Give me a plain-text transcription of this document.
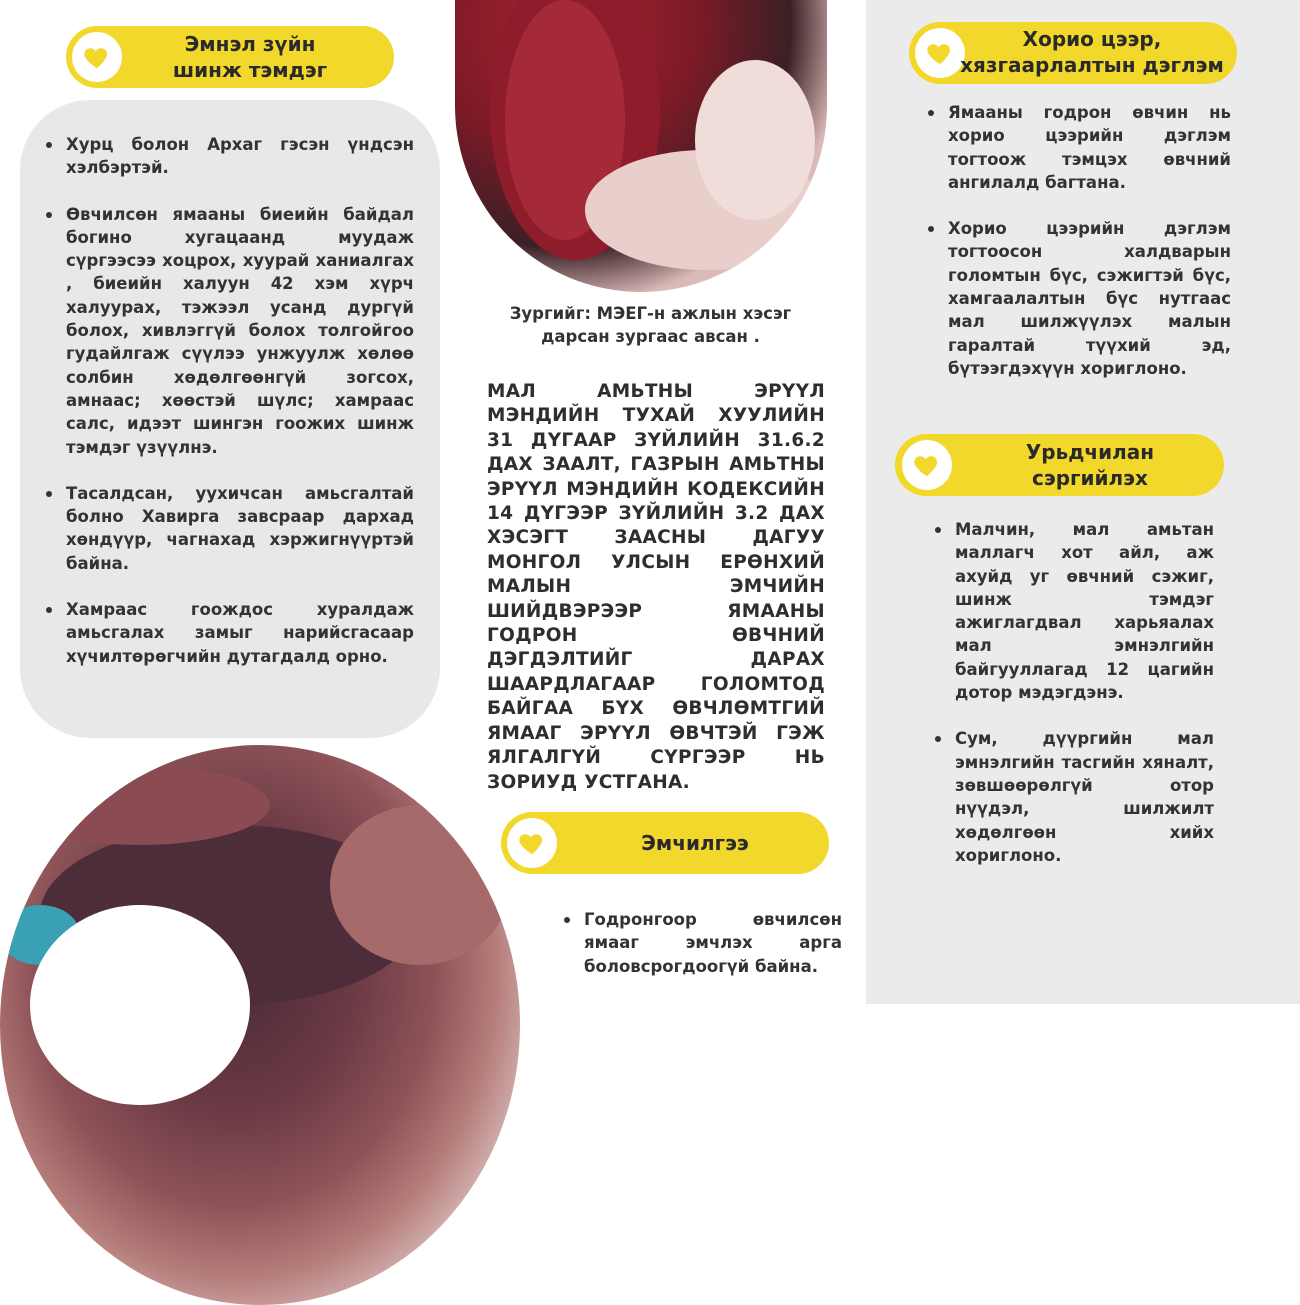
Эмнэл зүйн
шинж тэмдэг
Хурц болон Архаг гэсэн үндсэн хэлбэртэй.
Өвчилсөн ямааны биеийн байдал богино хугацаанд муудаж сүргээсээ хоцрох, хуурай ханиалгах , биеийн халуун 42 хэм хүрч халуурах, тэжээл усанд дургүй болох, хивлэггүй болох толгойгоо гудайлгаж сүүлээ унжуулж хөлөө солбин хөдөлгөөнгүй зогсох, амнаас; хөөстэй шүлс; хамраас салс, идээт шингэн гоожих шинж тэмдэг үзүүлнэ.
Тасалдсан, уухичсан амьсгалтай болно Хавирга завсраар дархад хөндүүр, чагнахад хэржигнүүртэй байна.
Хамраас гоождос хуралдаж амьсгалах замыг нарийсгасаар хүчилтөрөгчийн дутагдалд орно.
Зургийг: МЭЕГ-н ажлын хэсэг дарсан зургаас авсан .
МАЛ АМЬТНЫ ЭРҮҮЛ МЭНДИЙН ТУХАЙ ХУУЛИЙН 31 ДҮГААР ЗҮЙЛИЙН 31.6.2 ДАХ ЗААЛТ, ГАЗРЫН АМЬТНЫ ЭРҮҮЛ МЭНДИЙН КОДЕКСИЙН 14 ДҮГЭЭР ЗҮЙЛИЙН 3.2 ДАХ ХЭСЭГТ ЗААСНЫ ДАГУУ МОНГОЛ УЛСЫН ЕРӨНХИЙ МАЛЫН ЭМЧИЙН ШИЙДВЭРЭЭР ЯМААНЫ ГОДРОН ӨВЧНИЙ ДЭГДЭЛТИЙГ ДАРАХ ШААРДЛАГААР ГОЛОМТОД БАЙГАА БҮХ ӨВЧЛӨМТГИЙ ЯМААГ ЭРҮҮЛ ӨВЧТЭЙ ГЭЖ ЯЛГАЛГҮЙ СҮРГЭЭР НЬ ЗОРИУД УСТГАНА.
Эмчилгээ
Годронгоор өвчилсөн ямааг эмчлэх арга боловсрогдоогүй байна.
Хорио цээр,
хязгаарлалтын дэглэм
Ямааны годрон өвчин нь хорио цээрийн дэглэм тогтоож тэмцэх өвчний ангилалд багтана.
Хорио цээрийн дэглэм тогтоосон халдварын голомтын бүс, сэжигтэй бүс, хамгаалалтын бүс нутгаас мал шилжүүлэх малын гаралтай түүхий эд, бүтээгдэхүүн хориглоно.
Урьдчилан
сэргийлэх
Малчин, мал амьтан маллагч хот айл, аж ахуйд уг өвчний сэжиг, шинж тэмдэг ажиглагдвал харьяалах мал эмнэлгийн байгууллагад 12 цагийн дотор мэдэгдэнэ.
Сум, дүүргийн мал эмнэлгийн тасгийн хяналт, зөвшөөрөлгүй отор нүүдэл, шилжилт хөдөлгөөн хийх хориглоно.
